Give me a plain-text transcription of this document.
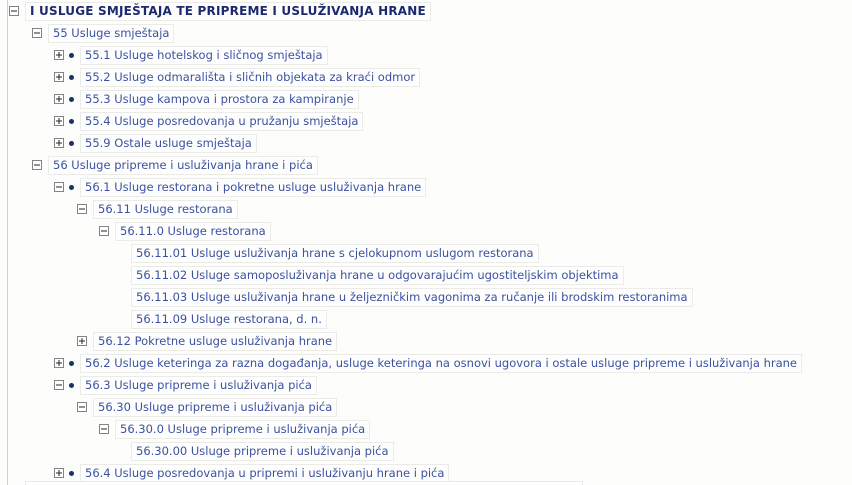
I USLUGE SMJEŠTAJA TE PRIPREME I USLUŽIVANJA HRANE
55 Usluge smještaja
55.1 Usluge hotelskog i sličnog smještaja
55.2 Usluge odmarališta i sličnih objekata za kraći odmor
55.3 Usluge kampova i prostora za kampiranje
55.4 Usluge posredovanja u pružanju smještaja
55.9 Ostale usluge smještaja
56 Usluge pripreme i usluživanja hrane i pića
56.1 Usluge restorana i pokretne usluge usluživanja hrane
56.11 Usluge restorana
56.11.0 Usluge restorana
56.11.01 Usluge usluživanja hrane s cjelokupnom uslugom restorana
56.11.02 Usluge samoposluživanja hrane u odgovarajućim ugostiteljskim objektima
56.11.03 Usluge usluživanja hrane u željezničkim vagonima za ručanje ili brodskim restoranima
56.11.09 Usluge restorana, d. n.
56.12 Pokretne usluge usluživanja hrane
56.2 Usluge keteringa za razna događanja, usluge keteringa na osnovi ugovora i ostale usluge pripreme i usluživanja hrane
56.3 Usluge pripreme i usluživanja pića
56.30 Usluge pripreme i usluživanja pića
56.30.0 Usluge pripreme i usluživanja pića
56.30.00 Usluge pripreme i usluživanja pića
56.4 Usluge posredovanja u pripremi i usluživanju hrane i pića
